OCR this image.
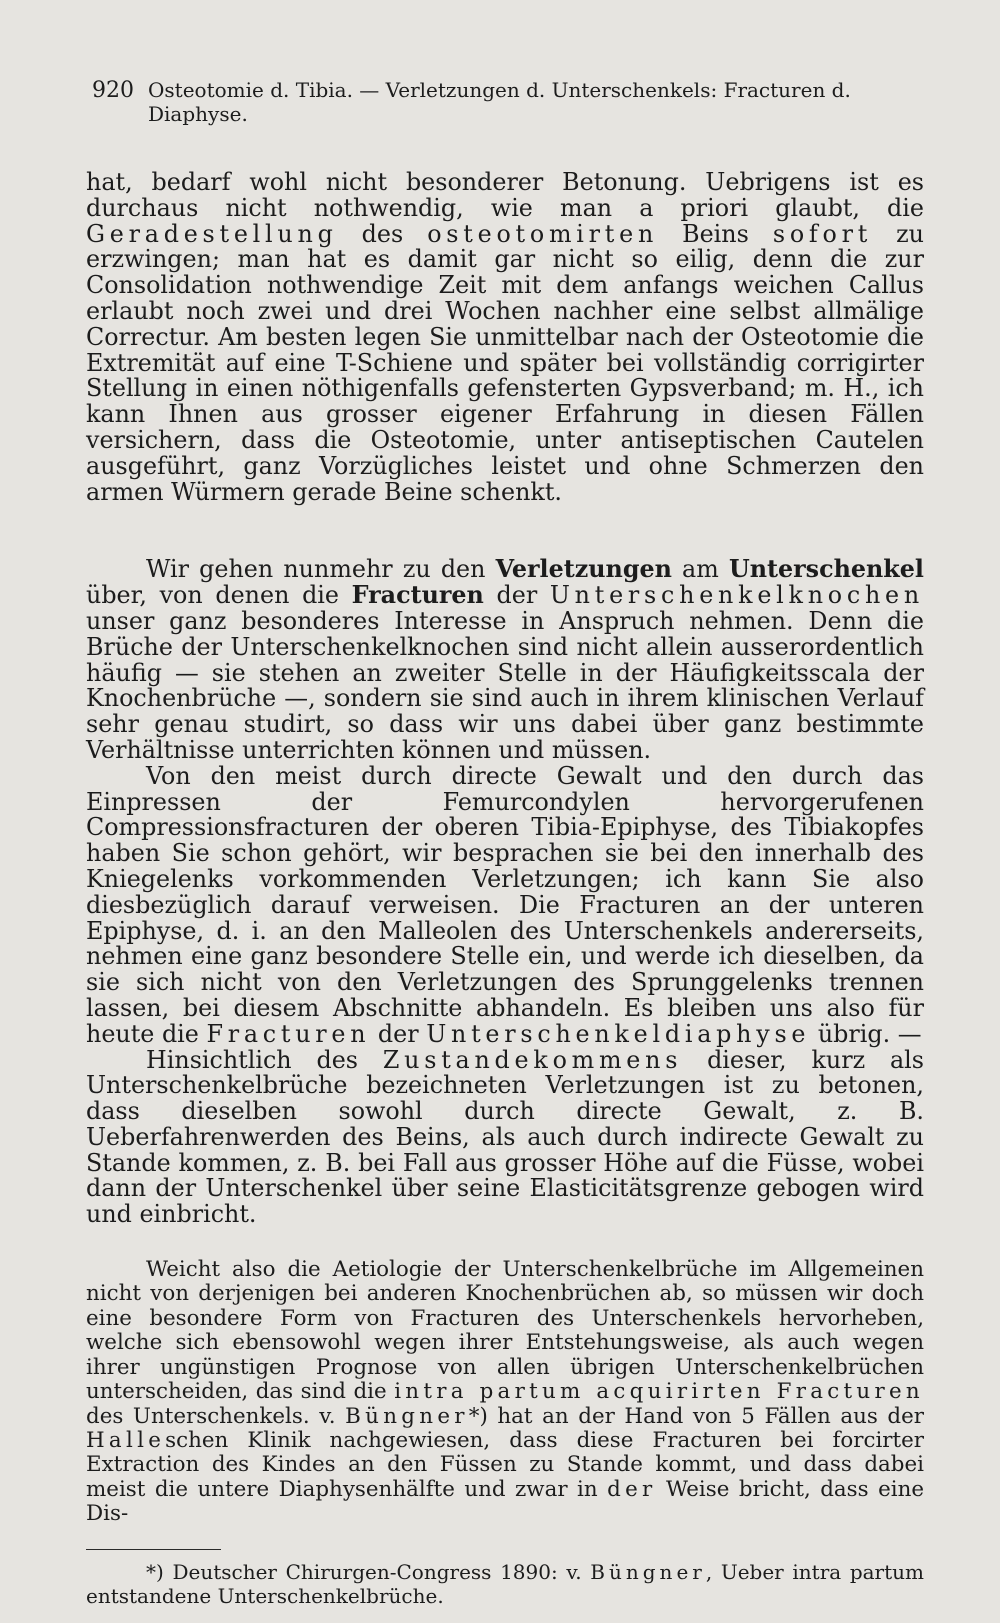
920 Osteotomie d. Tibia. — Verletzungen d. Unterschenkels: Fracturen d. Diaphyse.

hat, bedarf wohl nicht besonderer Betonung. Uebrigens ist es durchaus nicht nothwendig, wie man a priori glaubt, die Geradestellung des osteotomirten Beins sofort zu erzwingen; man hat es damit gar nicht so eilig, denn die zur Consolidation nothwendige Zeit mit dem anfangs weichen Callus erlaubt noch zwei und drei Wochen nachher eine selbst allmälige Correctur. Am besten legen Sie unmittelbar nach der Osteotomie die Extremität auf eine T-Schiene und später bei vollständig corrigirter Stellung in einen nöthigenfalls gefensterten Gypsverband; m. H., ich kann Ihnen aus grosser eigener Erfahrung in diesen Fällen versichern, dass die Osteotomie, unter antiseptischen Cautelen ausgeführt, ganz Vorzügliches leistet und ohne Schmerzen den armen Würmern gerade Beine schenkt.

Wir gehen nunmehr zu den Verletzungen am Unterschenkel über, von denen die Fracturen der Unterschenkelknochen unser ganz besonderes Interesse in Anspruch nehmen. Denn die Brüche der Unterschenkelknochen sind nicht allein ausserordentlich häufig — sie stehen an zweiter Stelle in der Häufigkeitsscala der Knochenbrüche —, sondern sie sind auch in ihrem klinischen Verlauf sehr genau studirt, so dass wir uns dabei über ganz bestimmte Verhältnisse unterrichten können und müssen.

Von den meist durch directe Gewalt und den durch das Einpressen der Femurcondylen hervorgerufenen Compressionsfracturen der oberen Tibia-Epiphyse, des Tibiakopfes haben Sie schon gehört, wir besprachen sie bei den innerhalb des Kniegelenks vorkommenden Verletzungen; ich kann Sie also diesbezüglich darauf verweisen. Die Fracturen an der unteren Epiphyse, d. i. an den Malleolen des Unterschenkels andererseits, nehmen eine ganz besondere Stelle ein, und werde ich dieselben, da sie sich nicht von den Verletzungen des Sprunggelenks trennen lassen, bei diesem Abschnitte abhandeln. Es bleiben uns also für heute die Fracturen der Unterschenkeldiaphyse übrig. —

Hinsichtlich des Zustandekommens dieser, kurz als Unterschenkelbrüche bezeichneten Verletzungen ist zu betonen, dass dieselben sowohl durch directe Gewalt, z. B. Ueberfahrenwerden des Beins, als auch durch indirecte Gewalt zu Stande kommen, z. B. bei Fall aus grosser Höhe auf die Füsse, wobei dann der Unterschenkel über seine Elasticitätsgrenze gebogen wird und einbricht.

Weicht also die Aetiologie der Unterschenkelbrüche im Allgemeinen nicht von derjenigen bei anderen Knochenbrüchen ab, so müssen wir doch eine besondere Form von Fracturen des Unterschenkels hervorheben, welche sich ebensowohl wegen ihrer Entstehungsweise, als auch wegen ihrer ungünstigen Prognose von allen übrigen Unterschenkelbrüchen unterscheiden, das sind die intra partum acquirirten Fracturen des Unterschenkels. v. Büngner*) hat an der Hand von 5 Fällen aus der Halleschen Klinik nachgewiesen, dass diese Fracturen bei forcirter Extraction des Kindes an den Füssen zu Stande kommt, und dass dabei meist die untere Diaphysenhälfte und zwar in der Weise bricht, dass eine Dis-

*) Deutscher Chirurgen-Congress 1890: v. Büngner, Ueber intra partum entstandene Unterschenkelbrüche.
